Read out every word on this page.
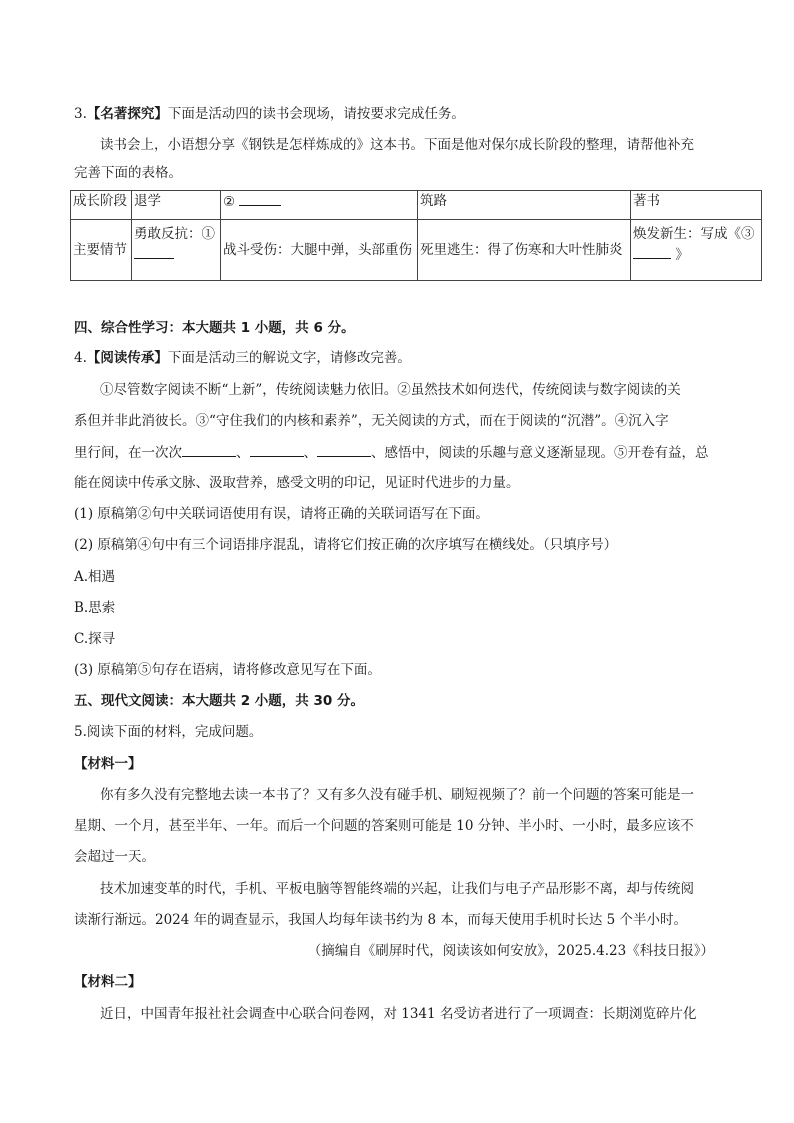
3.【名著探究】下面是活动四的读书会现场，请按要求完成任务。
读书会上，小语想分享《钢铁是怎样炼成的》这本书。下面是他对保尔成长阶段的整理，请帮他补充
完善下面的表格。
成长阶段	退学	②	筑路	著书
主要情节	勇敢反抗：①	战斗受伤：大腿中弹，头部重伤	死里逃生：得了伤寒和大叶性肺炎	焕发新生：写成《③
》
四、综合性学习：本大题共 1 小题，共 6 分。
4.【阅读传承】下面是活动三的解说文字，请修改完善。
①尽管数字阅读不断“上新”，传统阅读魅力依旧。②虽然技术如何迭代，传统阅读与数字阅读的关
系但并非此消彼长。③“守住我们的内核和素养”，无关阅读的方式，而在于阅读的“沉潜”。④沉入字
里行间，在一次次	、	、	、感悟中，阅读的乐趣与意义逐渐显现。⑤开卷有益，总
能在阅读中传承文脉、汲取营养，感受文明的印记，见证时代进步的力量。
(1) 原稿第②句中关联词语使用有误，请将正确的关联词语写在下面。
(2) 原稿第④句中有三个词语排序混乱，请将它们按正确的次序填写在横线处。（只填序号）
A.相遇
B.思索
C.探寻
(3) 原稿第⑤句存在语病，请将修改意见写在下面。
五、现代文阅读：本大题共 2 小题，共 30 分。
5.阅读下面的材料，完成问题。
【材料一】
你有多久没有完整地去读一本书了？又有多久没有碰手机、刷短视频了？前一个问题的答案可能是一
星期、一个月，甚至半年、一年。而后一个问题的答案则可能是 10 分钟、半小时、一小时，最多应该不
会超过一天。
技术加速变革的时代，手机、平板电脑等智能终端的兴起，让我们与电子产品形影不离，却与传统阅
读渐行渐远。2024 年的调查显示，我国人均每年读书约为 8 本，而每天使用手机时长达 5 个半小时。
（摘编自《刷屏时代，阅读该如何安放》，2025.4.23《科技日报》）
【材料二】
近日，中国青年报社社会调查中心联合问卷网，对 1341 名受访者进行了一项调查：长期浏览碎片化
